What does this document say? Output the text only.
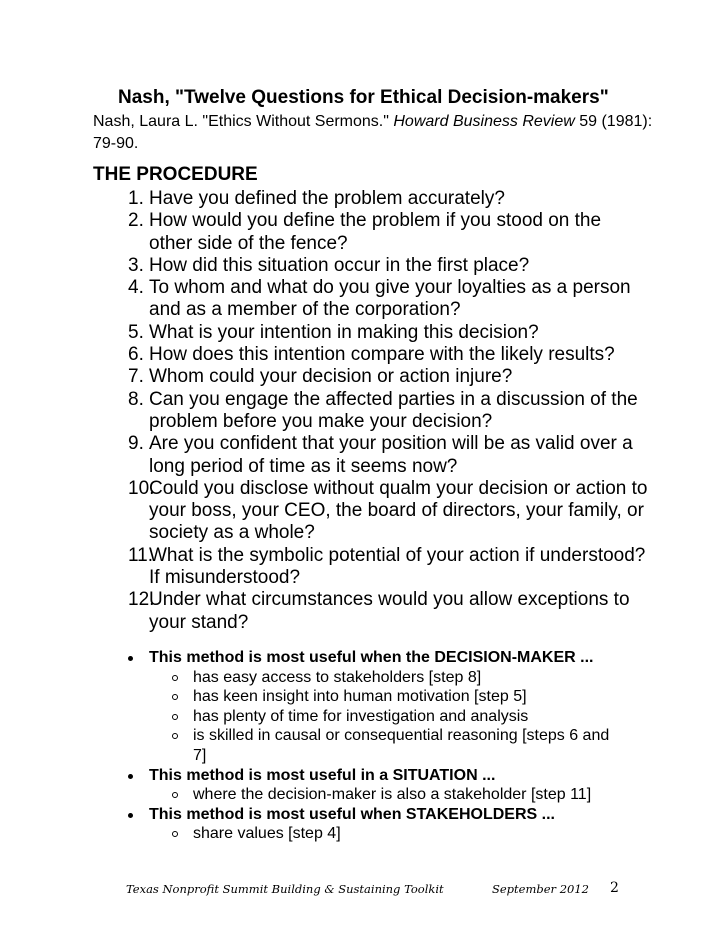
Nash, "Twelve Questions for Ethical Decision-makers"
Nash, Laura L. "Ethics Without Sermons." Howard Business Review 59 (1981): 79-90.
THE PROCEDURE
1. Have you defined the problem accurately?
2. How would you define the problem if you stood on the other side of the fence?
3. How did this situation occur in the first place?
4. To whom and what do you give your loyalties as a person and as a member of the corporation?
5. What is your intention in making this decision?
6. How does this intention compare with the likely results?
7. Whom could your decision or action injure?
8. Can you engage the affected parties in a discussion of the problem before you make your decision?
9. Are you confident that your position will be as valid over a long period of time as it seems now?
10.
Could you disclose without qualm your decision or action to your boss, your CEO, the board of directors, your family, or society as a whole?
11.
What is the symbolic potential of your action if understood? If misunderstood?
12.
Under what circumstances would you allow exceptions to your stand?
This method is most useful when the DECISION-MAKER ...
has easy access to stakeholders [step 8]
has keen insight into human motivation [step 5]
has plenty of time for investigation and analysis
is skilled in causal or consequential reasoning [steps 6 and 7]
This method is most useful in a SITUATION ...
where the decision-maker is also a stakeholder [step 11]
This method is most useful when STAKEHOLDERS ...
share values [step 4]
Texas Nonprofit Summit Building & Sustaining Toolkit	September 2012 2
